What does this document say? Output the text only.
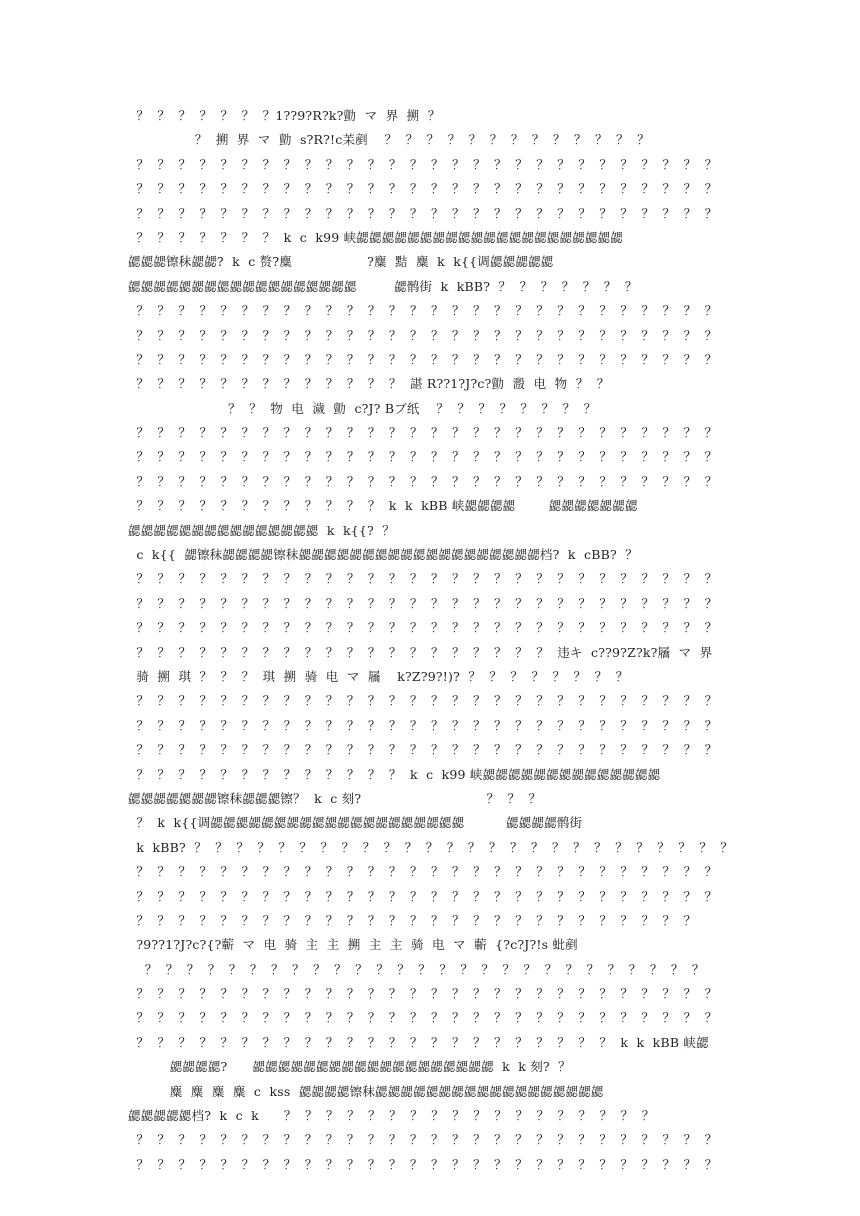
？  ？  ？  ？  ？  ？  ？1??9?R?k?勯  マ  界  搠  ？
？  搠  界  マ  勯  s?R?!c苿剷    ？  ？  ？  ？  ？  ？  ？  ？  ？  ？  ？  ？  ？
？  ？  ？  ？  ？  ？  ？  ？  ？  ？  ？  ？  ？  ？  ？  ？  ？  ？  ？  ？  ？  ？  ？  ？  ？  ？  ？  ？
？  ？  ？  ？  ？  ？  ？  ？  ？  ？  ？  ？  ？  ？  ？  ？  ？  ？  ？  ？  ？  ？  ？  ？  ？  ？  ？  ？
？  ？  ？  ？  ？  ？  ？  ？  ？  ？  ？  ？  ？  ？  ？  ？  ？  ？  ？  ？  ？  ？  ？  ？  ？  ？  ？  ？
？  ？  ？  ？  ？  ？  ？  k  c  k99 峡勰勰勰勰勰勰勰勰勰勰勰勰勰勰勰勰勰勰勰勰勰
勰勰勰镲秣勰勰?  k  c 赘?麋                  ?麋  黠  麋  k  k{{调勰勰勰勰勰
勰勰勰勰勰勰勰勰勰勰勰勰勰勰勰勰勰勰         勰鹘街  k  kBB?  ？  ？  ？  ？  ？  ？  ？
？  ？  ？  ？  ？  ？  ？  ？  ？  ？  ？  ？  ？  ？  ？  ？  ？  ？  ？  ？  ？  ？  ？  ？  ？  ？  ？  ？
？  ？  ？  ？  ？  ？  ？  ？  ？  ？  ？  ？  ？  ？  ？  ？  ？  ？  ？  ？  ？  ？  ？  ？  ？  ？  ？  ？
？  ？  ？  ？  ？  ？  ？  ？  ？  ？  ？  ？  ？  ？  ？  ？  ？  ？  ？  ？  ？  ？  ？  ？  ？  ？  ？  ？
？  ？  ？  ？  ？  ？  ？  ？  ？  ？  ？  ？  ？  諶 R??1?J?c?勯  溵  电  物  ？  ？
？  ？  物  电  濊  勯  c?J? Bブ纸    ？  ？  ？  ？  ？  ？  ？  ？
？  ？  ？  ？  ？  ？  ？  ？  ？  ？  ？  ？  ？  ？  ？  ？  ？  ？  ？  ？  ？  ？  ？  ？  ？  ？  ？  ？
？  ？  ？  ？  ？  ？  ？  ？  ？  ？  ？  ？  ？  ？  ？  ？  ？  ？  ？  ？  ？  ？  ？  ？  ？  ？  ？  ？
？  ？  ？  ？  ？  ？  ？  ？  ？  ？  ？  ？  ？  ？  ？  ？  ？  ？  ？  ？  ？  ？  ？  ？  ？  ？  ？  ？
？  ？  ？  ？  ？  ？  ？  ？  ？  ？  ？  ？  k  k  kBB 峡勰勰勰勰        勰勰勰勰勰勰勰
勰勰勰勰勰勰勰勰勰勰勰勰勰勰勰  k  k{{?  ？
c  k{{  勰镲秣勰勰勰勰镲秣勰勰勰勰勰勰勰勰勰勰勰勰勰勰勰勰勰勰勰档?  k  cBB?  ？
？  ？  ？  ？  ？  ？  ？  ？  ？  ？  ？  ？  ？  ？  ？  ？  ？  ？  ？  ？  ？  ？  ？  ？  ？  ？  ？  ？
？  ？  ？  ？  ？  ？  ？  ？  ？  ？  ？  ？  ？  ？  ？  ？  ？  ？  ？  ？  ？  ？  ？  ？  ？  ？  ？  ？
？  ？  ？  ？  ？  ？  ？  ？  ？  ？  ？  ？  ？  ？  ？  ？  ？  ？  ？  ？  ？  ？  ？  ？  ？  ？  ？  ？
？  ？  ？  ？  ？  ？  ？  ？  ？  ？  ？  ？  ？  ？  ？  ？  ？  ？  ？  ？  违キ  c??9?Z?k?屩  マ  界
骑  搠  琪  ？  ？  ？  琪  搠  骑  电  マ  屩    k?Z?9?!)?  ？  ？  ？  ？  ？  ？  ？  ？
？  ？  ？  ？  ？  ？  ？  ？  ？  ？  ？  ？  ？  ？  ？  ？  ？  ？  ？  ？  ？  ？  ？  ？  ？  ？  ？  ？
？  ？  ？  ？  ？  ？  ？  ？  ？  ？  ？  ？  ？  ？  ？  ？  ？  ？  ？  ？  ？  ？  ？  ？  ？  ？  ？  ？
？  ？  ？  ？  ？  ？  ？  ？  ？  ？  ？  ？  ？  ？  ？  ？  ？  ？  ？  ？  ？  ？  ？  ？  ？  ？  ？  ？
？  ？  ？  ？  ？  ？  ？  ？  ？  ？  ？  ？  ？  k  c  k99 峡勰勰勰勰勰勰勰勰勰勰勰勰勰勰
勰勰勰勰勰勰勰镲秣勰勰勰镲？  k  c 刻?                              ？  ？  ？
？  k  k{{调勰勰勰勰勰勰勰勰勰勰勰勰勰勰勰勰勰勰勰勰          勰勰勰勰鹘街
k  kBB?  ？  ？  ？  ？  ？  ？  ？  ？  ？  ？  ？  ？  ？  ？  ？  ？  ？  ？  ？  ？  ？  ？  ？  ？  ？  ？
？  ？  ？  ？  ？  ？  ？  ？  ？  ？  ？  ？  ？  ？  ？  ？  ？  ？  ？  ？  ？  ？  ？  ？  ？  ？  ？  ？
？  ？  ？  ？  ？  ？  ？  ？  ？  ？  ？  ？  ？  ？  ？  ？  ？  ？  ？  ？  ？  ？  ？  ？  ？  ？  ？  ？
？  ？  ？  ？  ？  ？  ？  ？  ？  ？  ？  ？  ？  ？  ？  ？  ？  ？  ？  ？  ？  ？  ？  ？  ？  ？  ？
?9??1?J?c?{?蘄  マ  电  骑  主  主  搠  主  主  骑  电  マ  蘄  {?c?J?!s 蚍剷
？  ？  ？  ？  ？  ？  ？  ？  ？  ？  ？  ？  ？  ？  ？  ？  ？  ？  ？  ？  ？  ？  ？  ？  ？  ？  ？
？  ？  ？  ？  ？  ？  ？  ？  ？  ？  ？  ？  ？  ？  ？  ？  ？  ？  ？  ？  ？  ？  ？  ？  ？  ？  ？  ？
？  ？  ？  ？  ？  ？  ？  ？  ？  ？  ？  ？  ？  ？  ？  ？  ？  ？  ？  ？  ？  ？  ？  ？  ？  ？  ？  ？
？  ？  ？  ？  ？  ？  ？  ？  ？  ？  ？  ？  ？  ？  ？  ？  ？  ？  ？  ？  ？  ？  ？  k  k  kBB 峡勰
勰勰勰勰?      勰勰勰勰勰勰勰勰勰勰勰勰勰勰勰勰勰勰勰  k  k 刻?  ？
麋  麋  麋  麋  c  kss  勰勰勰勰镲秣勰勰勰勰勰勰勰勰勰勰勰勰勰勰勰勰勰勰
勰勰勰勰勰档?  k  c  k      ？  ？  ？  ？  ？  ？  ？  ？  ？  ？  ？  ？  ？  ？  ？  ？  ？  ？
？  ？  ？  ？  ？  ？  ？  ？  ？  ？  ？  ？  ？  ？  ？  ？  ？  ？  ？  ？  ？  ？  ？  ？  ？  ？  ？  ？
？  ？  ？  ？  ？  ？  ？  ？  ？  ？  ？  ？  ？  ？  ？  ？  ？  ？  ？  ？  ？  ？  ？  ？  ？  ？  ？  ？
